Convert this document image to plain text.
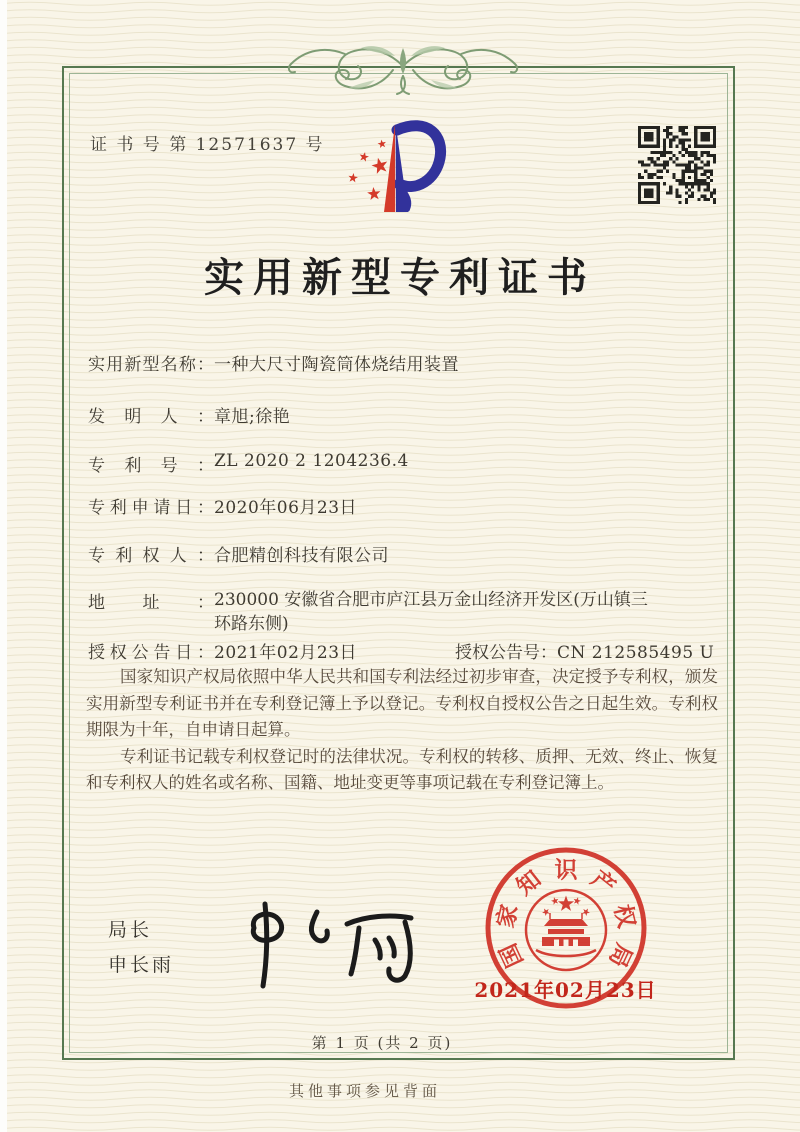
证 书 号 第 12571637 号
实用新型专利证书
实用新型名称：一种大尺寸陶瓷筒体烧结用装置
发明人：章旭;徐艳
专利号：ZL 2020 2 1204236.4
专利申请日：2020年06月23日
专利权人：合肥精创科技有限公司
地址：230000 安徽省合肥市庐江县万金山经济开发区(万山镇三
环路东侧)
授权公告日：2021年02月23日	授权公告号：CN 212585495 U

国家知识产权局依照中华人民共和国专利法经过初步审查，决定授予专利权，颁发实用新型专利证书并在专利登记簿上予以登记。专利权自授权公告之日起生效。专利权期限为十年，自申请日起算。

专利证书记载专利权登记时的法律状况。专利权的转移、质押、无效、终止、恢复和专利权人的姓名或名称、国籍、地址变更等事项记载在专利登记簿上。

局长
申长雨	国
家
知 识 产
权
局
2021年02月23日
第 1 页 (共 2 页)
其他事项参见背面
